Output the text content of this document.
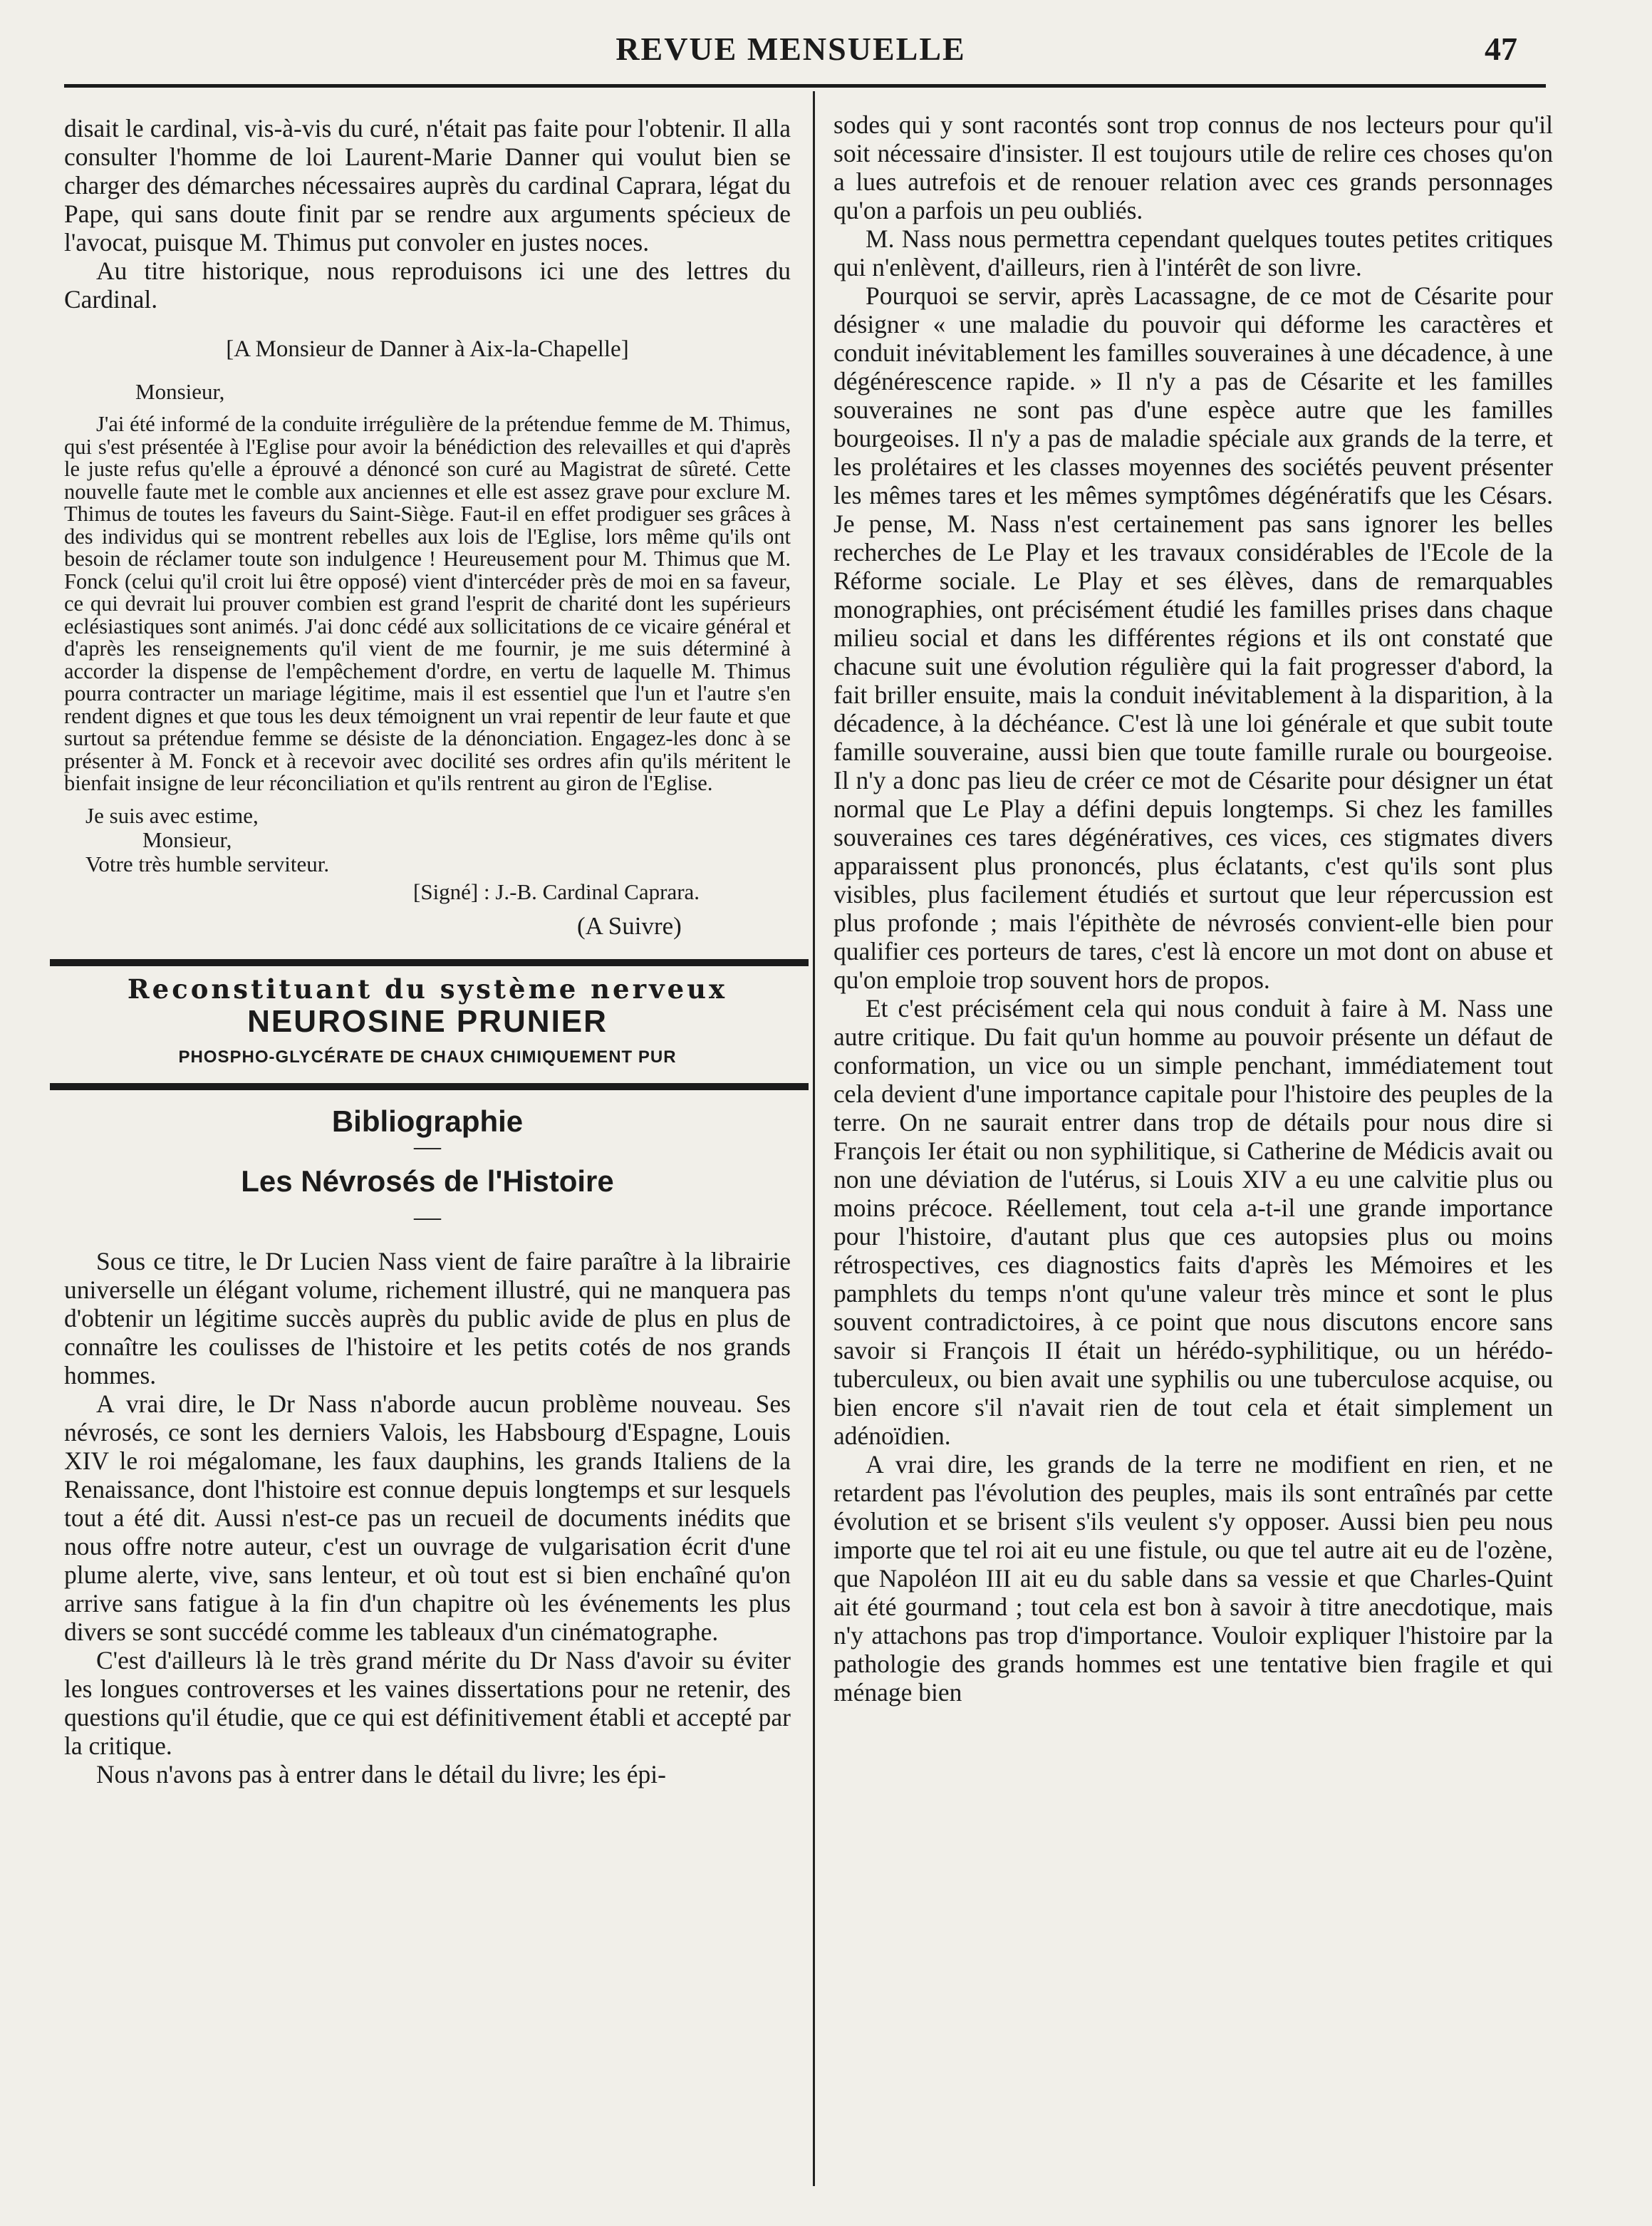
REVUE MENSUELLE	47

disait le cardinal, vis-à-vis du curé, n'était pas faite pour l'obtenir. Il alla consulter l'homme de loi Laurent-Marie Danner qui voulut bien se charger des démarches nécessaires auprès du cardinal Caprara, légat du Pape, qui sans doute finit par se rendre aux arguments spécieux de l'avocat, puisque M. Thimus put convoler en justes noces.

Au titre historique, nous reproduisons ici une des lettres du Cardinal.

[A Monsieur de Danner à Aix-la-Chapelle]
Monsieur,

J'ai été informé de la conduite irrégulière de la prétendue femme de M. Thimus, qui s'est présentée à l'Eglise pour avoir la bénédiction des relevailles et qui d'après le juste refus qu'elle a éprouvé a dénoncé son curé au Magistrat de sûreté. Cette nouvelle faute met le comble aux anciennes et elle est assez grave pour exclure M. Thimus de toutes les faveurs du Saint-Siège. Faut-il en effet prodiguer ses grâces à des individus qui se montrent rebelles aux lois de l'Eglise, lors même qu'ils ont besoin de réclamer toute son indulgence ! Heureusement pour M. Thimus que M. Fonck (celui qu'il croit lui être opposé) vient d'intercéder près de moi en sa faveur, ce qui devrait lui prouver combien est grand l'esprit de charité dont les supérieurs eclésiastiques sont animés. J'ai donc cédé aux sollicitations de ce vicaire général et d'après les renseignements qu'il vient de me fournir, je me suis déterminé à accorder la dispense de l'empêchement d'ordre, en vertu de laquelle M. Thimus pourra contracter un mariage légitime, mais il est essentiel que l'un et l'autre s'en rendent dignes et que tous les deux témoignent un vrai repentir de leur faute et que surtout sa prétendue femme se désiste de la dénonciation. Engagez-les donc à se présenter à M. Fonck et à recevoir avec docilité ses ordres afin qu'ils méritent le bienfait insigne de leur réconciliation et qu'ils rentrent au giron de l'Eglise.

Je suis avec estime,
Monsieur,
Votre très humble serviteur.
[Signé] : J.-B. Cardinal Caprara.
(A Suivre)
Reconstituant du système nerveux
NEUROSINE PRUNIER
PHOSPHO-GLYCÉRATE DE CHAUX CHIMIQUEMENT PUR
Bibliographie
—
Les Névrosés de l'Histoire
—

Sous ce titre, le Dr Lucien Nass vient de faire paraître à la librairie universelle un élégant volume, richement illustré, qui ne manquera pas d'obtenir un légitime succès auprès du public avide de plus en plus de connaître les coulisses de l'histoire et les petits cotés de nos grands hommes.

A vrai dire, le Dr Nass n'aborde aucun problème nouveau. Ses névrosés, ce sont les derniers Valois, les Habsbourg d'Espagne, Louis XIV le roi mégalomane, les faux dauphins, les grands Italiens de la Renaissance, dont l'histoire est connue depuis longtemps et sur lesquels tout a été dit. Aussi n'est-ce pas un recueil de documents inédits que nous offre notre auteur, c'est un ouvrage de vulgarisation écrit d'une plume alerte, vive, sans lenteur, et où tout est si bien enchaîné qu'on arrive sans fatigue à la fin d'un chapitre où les événements les plus divers se sont succédé comme les tableaux d'un cinématographe.

C'est d'ailleurs là le très grand mérite du Dr Nass d'avoir su éviter les longues controverses et les vaines dissertations pour ne retenir, des questions qu'il étudie, que ce qui est définitivement établi et accepté par la critique.

Nous n'avons pas à entrer dans le détail du livre; les épi-

sodes qui y sont racontés sont trop connus de nos lecteurs pour qu'il soit nécessaire d'insister. Il est toujours utile de relire ces choses qu'on a lues autrefois et de renouer relation avec ces grands personnages qu'on a parfois un peu oubliés.

M. Nass nous permettra cependant quelques toutes petites critiques qui n'enlèvent, d'ailleurs, rien à l'intérêt de son livre.

Pourquoi se servir, après Lacassagne, de ce mot de Césarite pour désigner « une maladie du pouvoir qui déforme les caractères et conduit inévitablement les familles souveraines à une décadence, à une dégénérescence rapide. » Il n'y a pas de Césarite et les familles souveraines ne sont pas d'une espèce autre que les familles bourgeoises. Il n'y a pas de maladie spéciale aux grands de la terre, et les prolétaires et les classes moyennes des sociétés peuvent présenter les mêmes tares et les mêmes symptômes dégénératifs que les Césars. Je pense, M. Nass n'est certainement pas sans ignorer les belles recherches de Le Play et les travaux considérables de l'Ecole de la Réforme sociale. Le Play et ses élèves, dans de remarquables monographies, ont précisément étudié les familles prises dans chaque milieu social et dans les différentes régions et ils ont constaté que chacune suit une évolution régulière qui la fait progresser d'abord, la fait briller ensuite, mais la conduit inévitablement à la disparition, à la décadence, à la déchéance. C'est là une loi générale et que subit toute famille souveraine, aussi bien que toute famille rurale ou bourgeoise. Il n'y a donc pas lieu de créer ce mot de Césarite pour désigner un état normal que Le Play a défini depuis longtemps. Si chez les familles souveraines ces tares dégénératives, ces vices, ces stigmates divers apparaissent plus prononcés, plus éclatants, c'est qu'ils sont plus visibles, plus facilement étudiés et surtout que leur répercussion est plus profonde ; mais l'épithète de névrosés convient-elle bien pour qualifier ces porteurs de tares, c'est là encore un mot dont on abuse et qu'on emploie trop souvent hors de propos.

Et c'est précisément cela qui nous conduit à faire à M. Nass une autre critique. Du fait qu'un homme au pouvoir présente un défaut de conformation, un vice ou un simple penchant, immédiatement tout cela devient d'une importance capitale pour l'histoire des peuples de la terre. On ne saurait entrer dans trop de détails pour nous dire si François Ier était ou non syphilitique, si Catherine de Médicis avait ou non une déviation de l'utérus, si Louis XIV a eu une calvitie plus ou moins précoce. Réellement, tout cela a-t-il une grande importance pour l'histoire, d'autant plus que ces autopsies plus ou moins rétrospectives, ces diagnostics faits d'après les Mémoires et les pamphlets du temps n'ont qu'une valeur très mince et sont le plus souvent contradictoires, à ce point que nous discutons encore sans savoir si François II était un hérédo-syphilitique, ou un hérédo-tuberculeux, ou bien avait une syphilis ou une tuberculose acquise, ou bien encore s'il n'avait rien de tout cela et était simplement un adénoïdien.

A vrai dire, les grands de la terre ne modifient en rien, et ne retardent pas l'évolution des peuples, mais ils sont entraînés par cette évolution et se brisent s'ils veulent s'y opposer. Aussi bien peu nous importe que tel roi ait eu une fistule, ou que tel autre ait eu de l'ozène, que Napoléon III ait eu du sable dans sa vessie et que Charles-Quint ait été gourmand ; tout cela est bon à savoir à titre anecdotique, mais n'y attachons pas trop d'importance. Vouloir expliquer l'histoire par la pathologie des grands hommes est une tentative bien fragile et qui ménage bien
